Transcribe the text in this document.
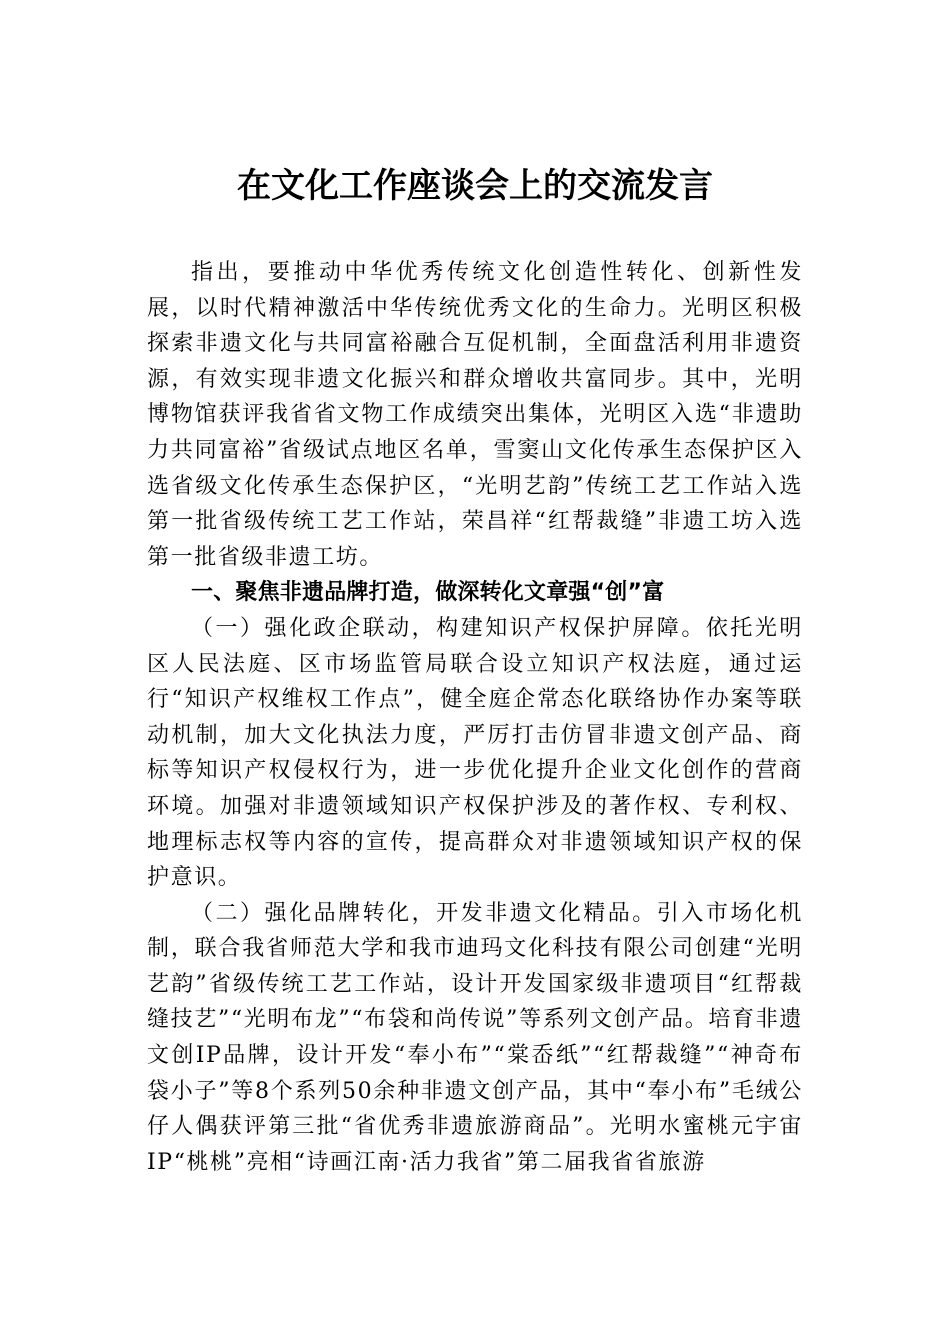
在文化工作座谈会上的交流发言

指出，要推动中华优秀传统文化创造性转化、创新性发展，以时代精神激活中华传统优秀文化的生命力。光明区积极探索非遗文化与共同富裕融合互促机制，全面盘活利用非遗资源，有效实现非遗文化振兴和群众增收共富同步。其中，光明博物馆获评我省省文物工作成绩突出集体，光明区入选“非遗助力共同富裕”省级试点地区名单，雪窦山文化传承生态保护区入选省级文化传承生态保护区，“光明艺韵”传统工艺工作站入选第一批省级传统工艺工作站，荣昌祥“红帮裁缝”非遗工坊入选第一批省级非遗工坊。

一、聚焦非遗品牌打造，做深转化文章强“创”富

（一）强化政企联动，构建知识产权保护屏障。依托光明区人民法庭、区市场监管局联合设立知识产权法庭，通过运行“知识产权维权工作点”，健全庭企常态化联络协作办案等联动机制，加大文化执法力度，严厉打击仿冒非遗文创产品、商标等知识产权侵权行为，进一步优化提升企业文化创作的营商环境。加强对非遗领域知识产权保护涉及的著作权、专利权、地理标志权等内容的宣传，提高群众对非遗领域知识产权的保护意识。

（二）强化品牌转化，开发非遗文化精品。引入市场化机制，联合我省师范大学和我市迪玛文化科技有限公司创建“光明艺韵”省级传统工艺工作站，设计开发国家级非遗项目“红帮裁缝技艺”“光明布龙”“布袋和尚传说”等系列文创产品。培育非遗文创IP品牌，设计开发“奉小布”“棠岙纸”“红帮裁缝”“神奇布袋小子”等8个系列50余种非遗文创产品，其中“奉小布”毛绒公仔人偶获评第三批“省优秀非遗旅游商品”。光明水蜜桃元宇宙IP“桃桃”亮相“诗画江南·活力我省”第二届我省省旅游
